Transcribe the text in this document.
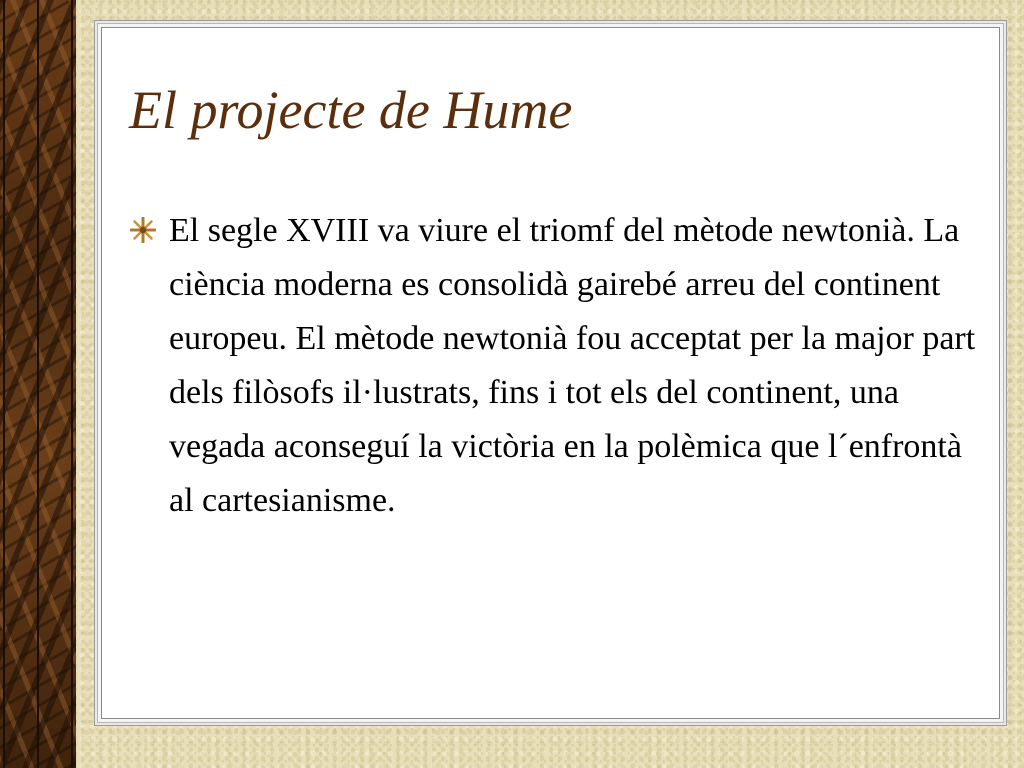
El projecte de Hume

El segle XVIII va viure el triomf del mètode newtonià. La ciència moderna es consolidà gairebé arreu del continent europeu. El mètode newtonià fou acceptat per la major part dels filòsofs il·lustrats, fins i tot els del continent, una vegada aconseguí la victòria en la polèmica que l´enfrontà al cartesianisme.
